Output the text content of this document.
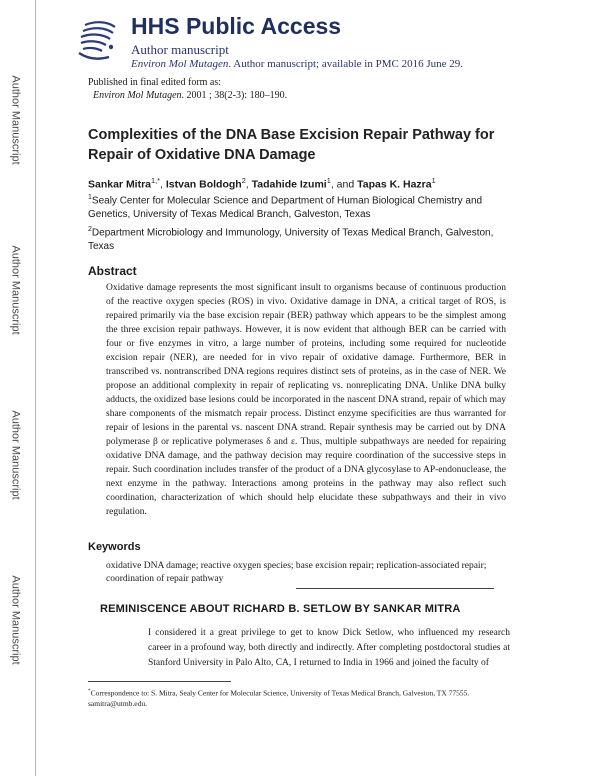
Author Manuscript
Author Manuscript
Author Manuscript
Author Manuscript
HHS Public Access
Author manuscript
Environ Mol Mutagen. Author manuscript; available in PMC 2016 June 29.
Published in final edited form as:
Environ Mol Mutagen. 2001 ; 38(2-3): 180–190.
Complexities of the DNA Base Excision Repair Pathway for Repair of Oxidative DNA Damage
Sankar Mitra$^{1,*}$, Istvan Boldogh$^2$, Tadahide Izumi$^1$, and Tapas K. Hazra$^1$
$^1$Sealy Center for Molecular Science and Department of Human Biological Chemistry and Genetics, University of Texas Medical Branch, Galveston, Texas
$^2$Department Microbiology and Immunology, University of Texas Medical Branch, Galveston, Texas
Abstract

Oxidative damage represents the most significant insult to organisms because of continuous production of the reactive oxygen species (ROS) in vivo. Oxidative damage in DNA, a critical target of ROS, is repaired primarily via the base excision repair (BER) pathway which appears to be the simplest among the three excision repair pathways. However, it is now evident that although BER can be carried with four or five enzymes in vitro, a large number of proteins, including some required for nucleotide excision repair (NER), are needed for in vivo repair of oxidative damage. Furthermore, BER in transcribed vs. nontranscribed DNA regions requires distinct sets of proteins, as in the case of NER. We propose an additional complexity in repair of replicating vs. nonreplicating DNA. Unlike DNA bulky adducts, the oxidized base lesions could be incorporated in the nascent DNA strand, repair of which may share components of the mismatch repair process. Distinct enzyme specificities are thus warranted for repair of lesions in the parental vs. nascent DNA strand. Repair synthesis may be carried out by DNA polymerase β or replicative polymerases δ and ε. Thus, multiple subpathways are needed for repairing oxidative DNA damage, and the pathway decision may require coordination of the successive steps in repair. Such coordination includes transfer of the product of a DNA glycosylase to AP-endonuclease, the next enzyme in the pathway. Interactions among proteins in the pathway may also reflect such coordination, characterization of which should help elucidate these subpathways and their in vivo regulation.

Keywords

oxidative DNA damage; reactive oxygen species; base excision repair; replication-associated repair; coordination of repair pathway

REMINISCENCE ABOUT RICHARD B. SETLOW BY SANKAR MITRA

I considered it a great privilege to get to know Dick Setlow, who influenced my research career in a profound way, both directly and indirectly. After completing postdoctoral studies at Stanford University in Palo Alto, CA, I returned to India in 1966 and joined the faculty of

*Correspondence to: S. Mitra, Sealy Center for Molecular Science, University of Texas Medical Branch, Galveston, TX 77555. samitra@utmb.edu.
